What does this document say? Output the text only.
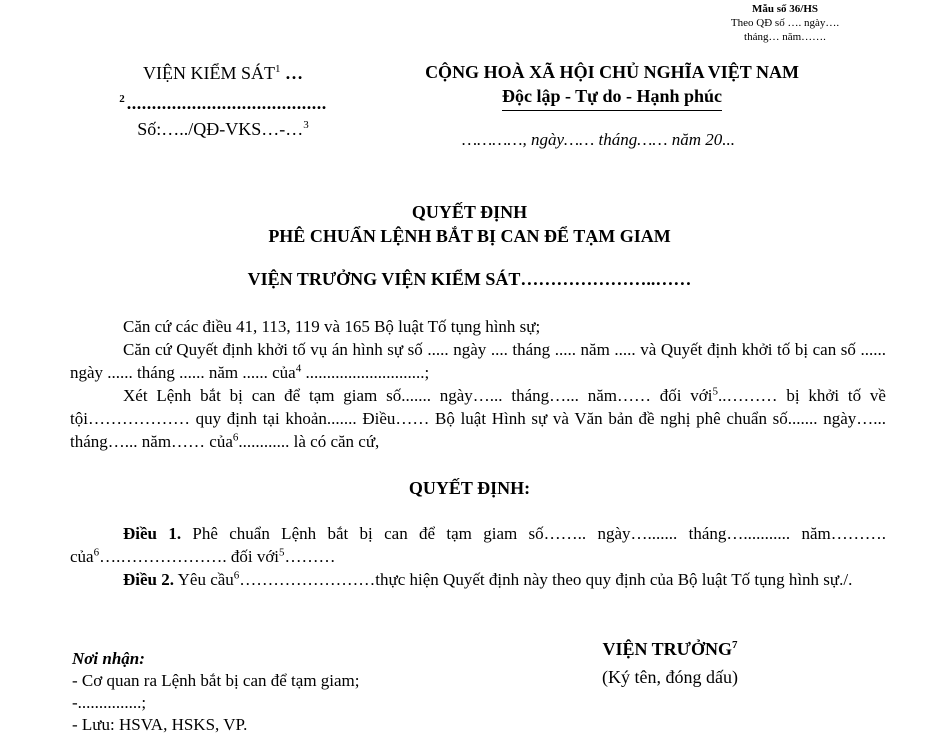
Mẫu số 36/HS
Theo QĐ số …. ngày….
tháng… năm…….
VIỆN KIỂM SÁT$^1$ …
$^2$ ........................................
Số:…../QĐ-VKS…-…$^3$
CỘNG HOÀ XÃ HỘI CHỦ NGHĨA VIỆT NAM
Độc lập - Tự do - Hạnh phúc
…………, ngày…… tháng…… năm 20...
QUYẾT ĐỊNH
PHÊ CHUẨN LỆNH BẮT BỊ CAN ĐỂ TẠM GIAM
VIỆN TRƯỞNG VIỆN KIỂM SÁT…………………..……

Căn cứ các điều 41, 113, 119 và 165 Bộ luật Tố tụng hình sự;

Căn cứ Quyết định khởi tố vụ án hình sự số ..... ngày .... tháng ..... năm ..... và Quyết định khởi tố bị can số ...... ngày ...... tháng ...... năm ...... của$^4$ ............................;

Xét Lệnh bắt bị can để tạm giam số....... ngày…... tháng…... năm…… đối với$^5$..……… bị khởi tố về tội……………… quy định tại khoản....... Điều…… Bộ luật Hình sự và Văn bản đề nghị phê chuẩn số....... ngày…... tháng…... năm…… của$^6$............ là có căn cứ,

QUYẾT ĐỊNH:

Điều 1. Phê chuẩn Lệnh bắt bị can để tạm giam số…….. ngày…....... tháng…........... năm………. của$^6$….………………. đối với$^5$………

Điều 2. Yêu cầu$^6$……………………thực hiện Quyết định này theo quy định của Bộ luật Tố tụng hình sự./.

VIỆN TRƯỞNG$^7$
(Ký tên, đóng dấu)
Nơi nhận:
- Cơ quan ra Lệnh bắt bị can để tạm giam;
-...............;
- Lưu: HSVA, HSKS, VP.
